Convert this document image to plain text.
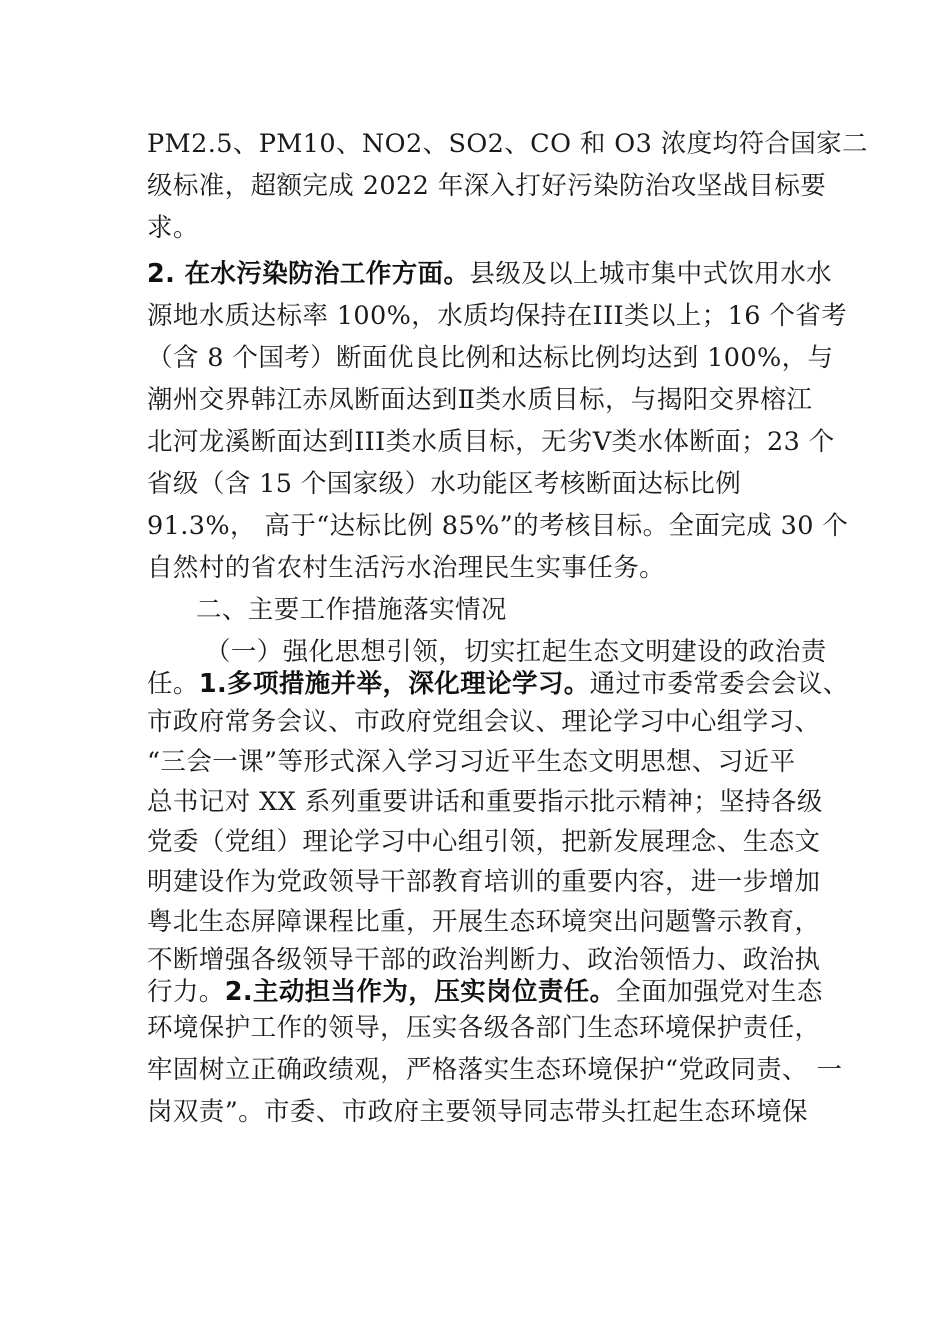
PM2.5、PM10、NO2、SO2、CO 和 O3 浓度均符合国家二
级标准，超额完成 2022 年深入打好污染防治攻坚战目标要
求。
2. 在水污染防治工作方面。县级及以上城市集中式饮用水水
源地水质达标率 100%，水质均保持在III类以上；16 个省考
（含 8 个国考）断面优良比例和达标比例均达到 100%，与
潮州交界韩江赤凤断面达到Ⅱ类水质目标，与揭阳交界榕江
北河龙溪断面达到III类水质目标，无劣Ⅴ类水体断面；23 个
省级（含 15 个国家级）水功能区考核断面达标比例
91.3%， 高于“达标比例 85%”的考核目标。全面完成 30 个
自然村的省农村生活污水治理民生实事任务。
二、主要工作措施落实情况
（一）强化思想引领，切实扛起生态文明建设的政治责
任。1.多项措施并举，深化理论学习。通过市委常委会会议、
市政府常务会议、市政府党组会议、理论学习中心组学习、
“三会一课”等形式深入学习习近平生态文明思想、习近平
总书记对 XX 系列重要讲话和重要指示批示精神；坚持各级
党委（党组）理论学习中心组引领，把新发展理念、生态文
明建设作为党政领导干部教育培训的重要内容，进一步增加
粤北生态屏障课程比重，开展生态环境突出问题警示教育，
不断增强各级领导干部的政治判断力、政治领悟力、政治执
行力。2.主动担当作为，压实岗位责任。全面加强党对生态
环境保护工作的领导，压实各级各部门生态环境保护责任，
牢固树立正确政绩观，严格落实生态环境保护“党政同责、 一
岗双责”。市委、市政府主要领导同志带头扛起生态环境保
